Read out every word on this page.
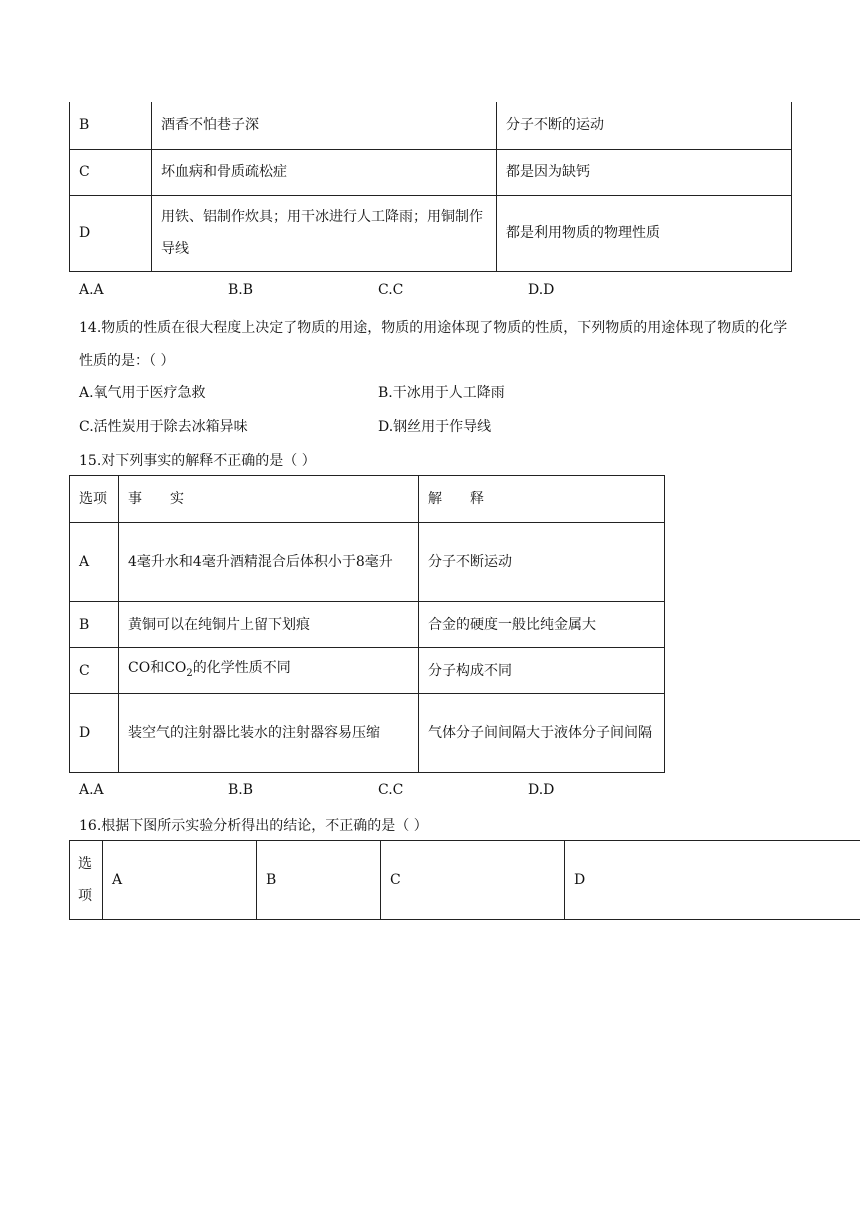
B	酒香不怕巷子深	分子不断的运动
C	坏血病和骨质疏松症	都是因为缺钙
D	用铁、铝制作炊具；用干冰进行人工降雨；用铜制作导线	都是利用物质的物理性质
A.A	B.B	C.C	D.D
14.物质的性质在很大程度上决定了物质的用途，物质的用途体现了物质的性质，下列物质的用途体现了物质的化学性质的是：（ ）
A.氧气用于医疗急救	B.干冰用于人工降雨
C.活性炭用于除去冰箱异味	D.钢丝用于作导线
15.对下列事实的解释不正确的是（ ）
选项	事　　实	解　　释
A	4毫升水和4毫升酒精混合后体积小于8毫升	分子不断运动
B	黄铜可以在纯铜片上留下划痕	合金的硬度一般比纯金属大
C	CO和$CO_2$的化学性质不同	分子构成不同
D	装空气的注射器比装水的注射器容易压缩	气体分子间间隔大于液体分子间间隔
A.A	B.B	C.C	D.D
16.根据下图所示实验分析得出的结论，不正确的是（ ）
选项	A	B	C	D
